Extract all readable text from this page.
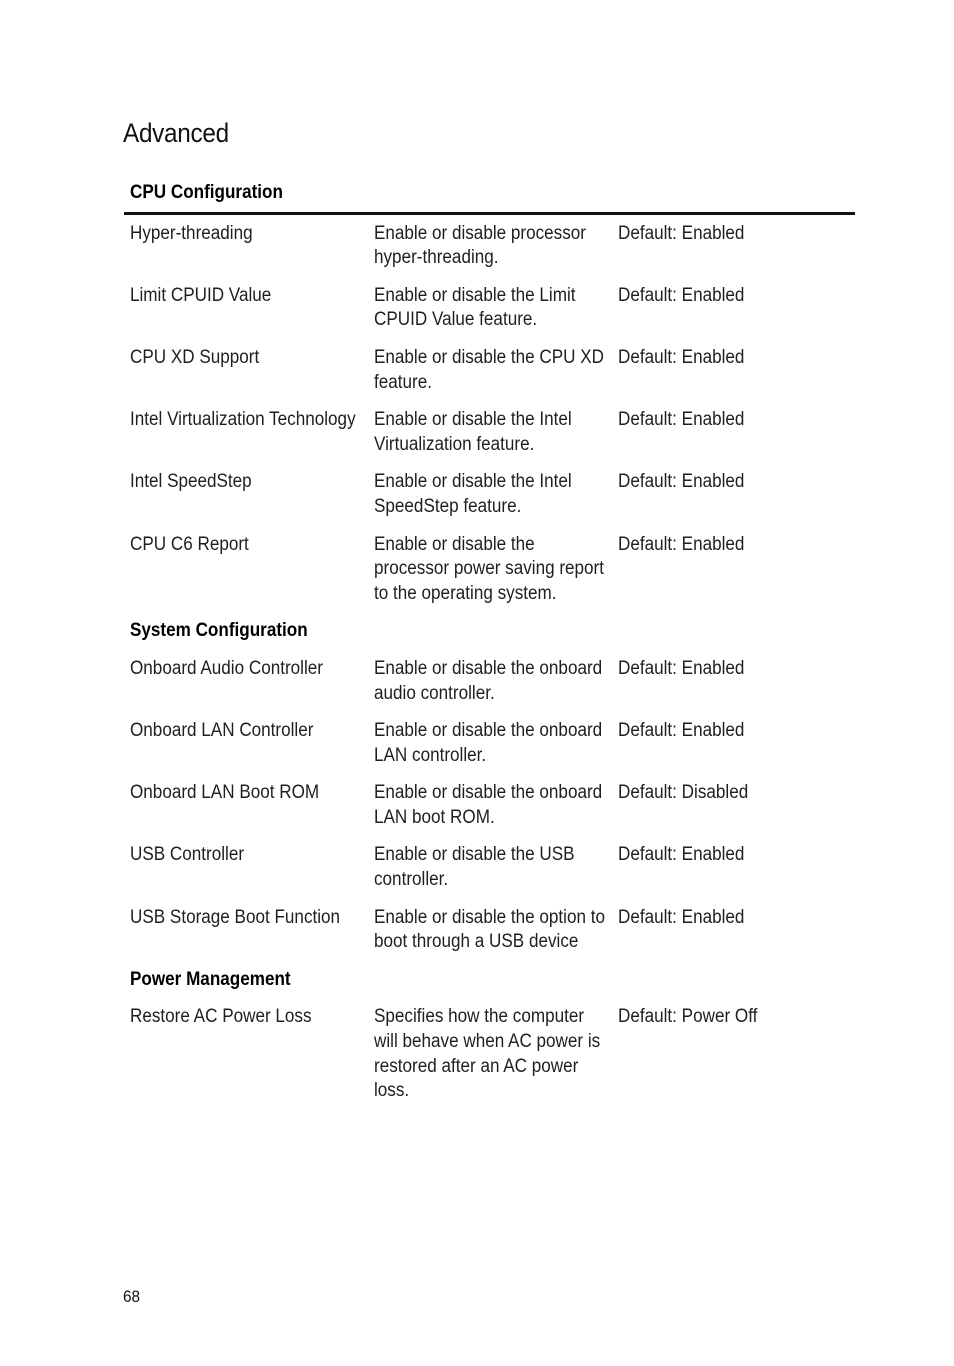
Advanced
CPU Configuration		
Hyper-threading	Enable or disable processor hyper-threading.	Default: Enabled
Limit CPUID Value	Enable or disable the Limit CPUID Value feature.	Default: Enabled
CPU XD Support	Enable or disable the CPU XD feature.	Default: Enabled
Intel Virtualization Technology	Enable or disable the Intel Virtualization feature.	Default: Enabled
Intel SpeedStep	Enable or disable the Intel SpeedStep feature.	Default: Enabled
CPU C6 Report	Enable or disable the processor power saving report to the operating system.	Default: Enabled
System Configuration		
Onboard Audio Controller	Enable or disable the onboard audio controller.	Default: Enabled
Onboard LAN Controller	Enable or disable the onboard LAN controller.	Default: Enabled
Onboard LAN Boot ROM	Enable or disable the onboard LAN boot ROM.	Default: Disabled
USB Controller	Enable or disable the USB controller.	Default: Enabled
USB Storage Boot Function	Enable or disable the option to boot through a USB device	Default: Enabled
Power Management		
Restore AC Power Loss	Specifies how the computer will behave when AC power is restored after an AC power loss.	Default: Power Off
68
